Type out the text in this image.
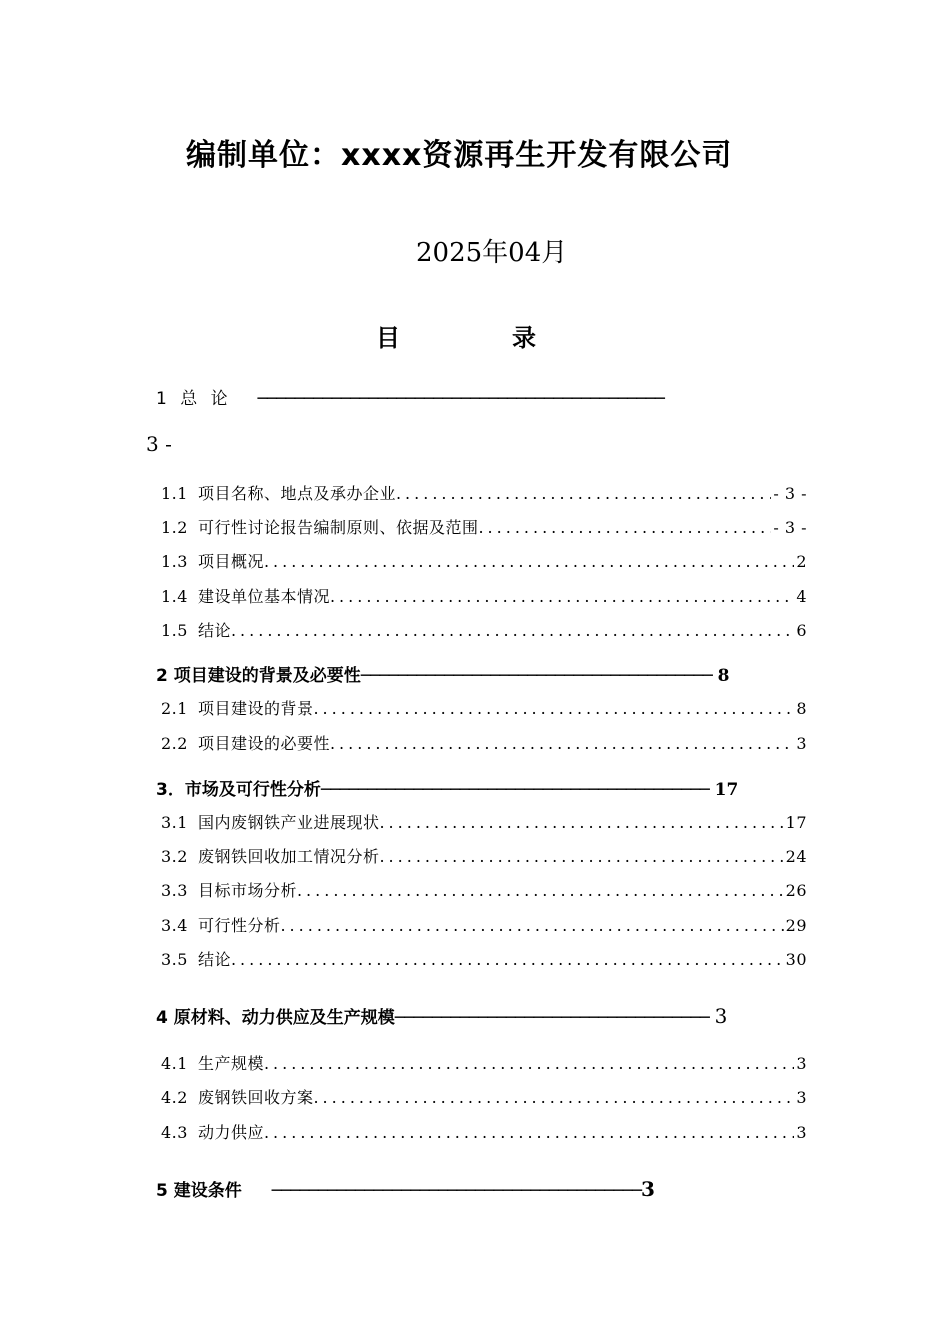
编制单位：xxxx资源再生开发有限公司
2025年04月
目	录
1 总 论 ────────────────────────────────────────────
3 -
1.1 项目名称、地点及承办企业 .....	- 3 -
1.2 可行性讨论报告编制原则、依据及范围 .....	- 3 -
1.3 项目概况 .....	2
1.4 建设单位基本情况 .....	4
1.5 结论 .....	6
2 项目建设的背景及必要性────────────────────────────────────── 8
2.1 项目建设的背景 .....	8
2.2 项目建设的必要性 .....	3
3．市场及可行性分析────────────────────────────────────────── 17
3.1 国内废钢铁产业进展现状 .....	17
3.2 废钢铁回收加工情况分析 .....	24
3.3 目标市场分析 .....	26
3.4 可行性分析 .....	29
3.5 结论 .....	30
4 原材料、动力供应及生产规模────────────────────────────────── 3
4.1 生产规模 .....	3
4.2 废钢铁回收方案 .....	3
4.3 动力供应 .....	3
5 建设条件 ────────────────────────────────────────3
